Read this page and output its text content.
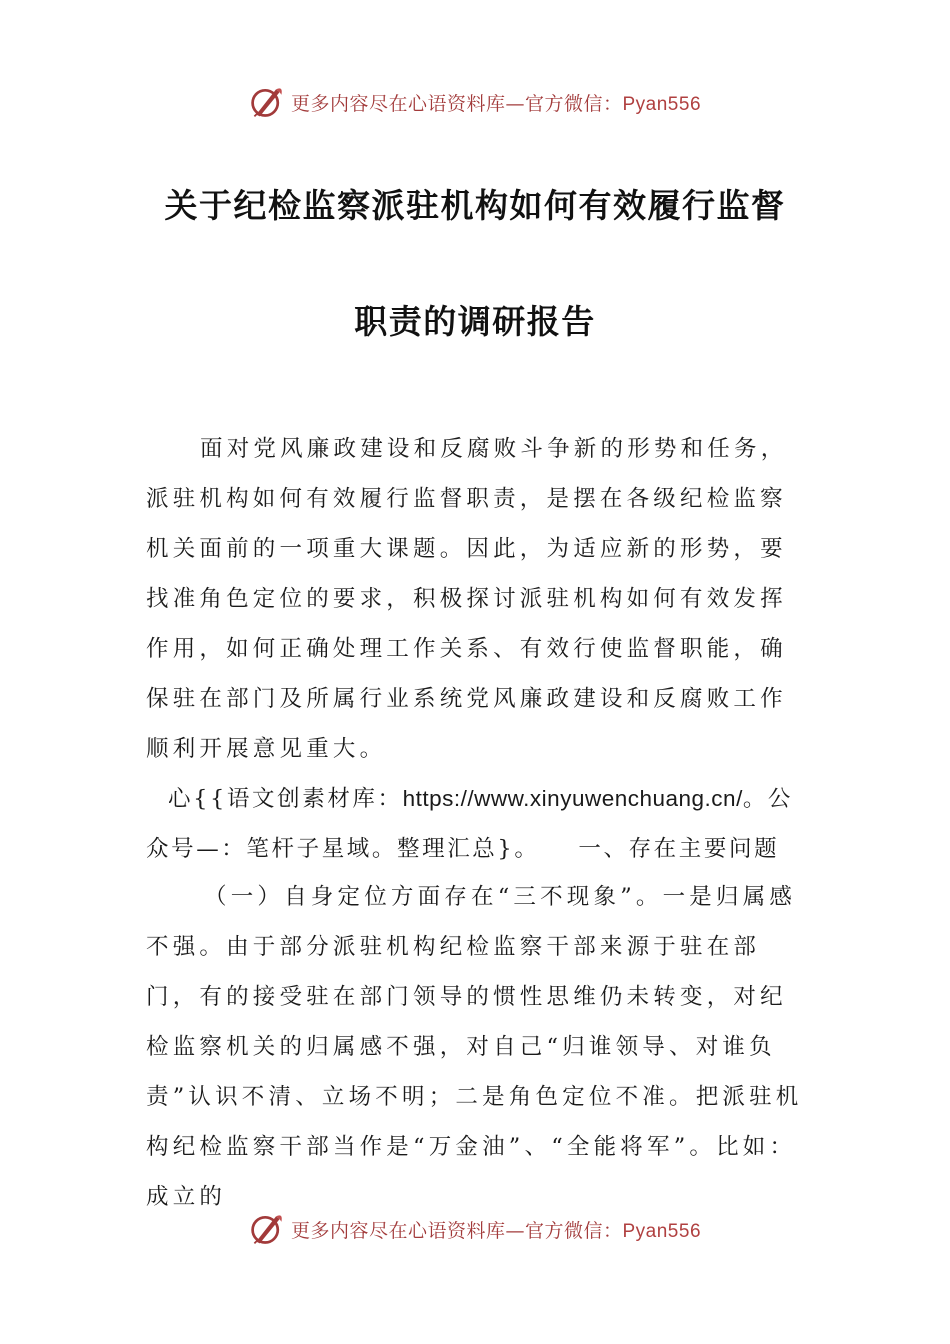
更多内容尽在心语资料库—官方微信：Pyan556
关于纪检监察派驻机构如何有效履行监督
职责的调研报告
面对党风廉政建设和反腐败斗争新的形势和任务，派驻机构如何有效履行监督职责，是摆在各级纪检监察机关面前的一项重大课题。因此，为适应新的形势，要找准角色定位的要求，积极探讨派驻机构如何有效发挥作用，如何正确处理工作关系、有效行使监督职能，确保驻在部门及所属行业系统党风廉政建设和反腐败工作顺利开展意见重大。
心{{语文创素材库：https://www.xinyuwenchuang.cn/。公众号—：笔杆子星域。整理汇总}。   一、存在主要问题
（一）自身定位方面存在“三不现象”。一是归属感不强。由于部分派驻机构纪检监察干部来源于驻在部门，有的接受驻在部门领导的惯性思维仍未转变，对纪检监察机关的归属感不强，对自己“归谁领导、对谁负责”认识不清、立场不明；二是角色定位不准。把派驻机构纪检监察干部当作是“万金油”、“全能将军”。比如：成立的
更多内容尽在心语资料库—官方微信：Pyan556
